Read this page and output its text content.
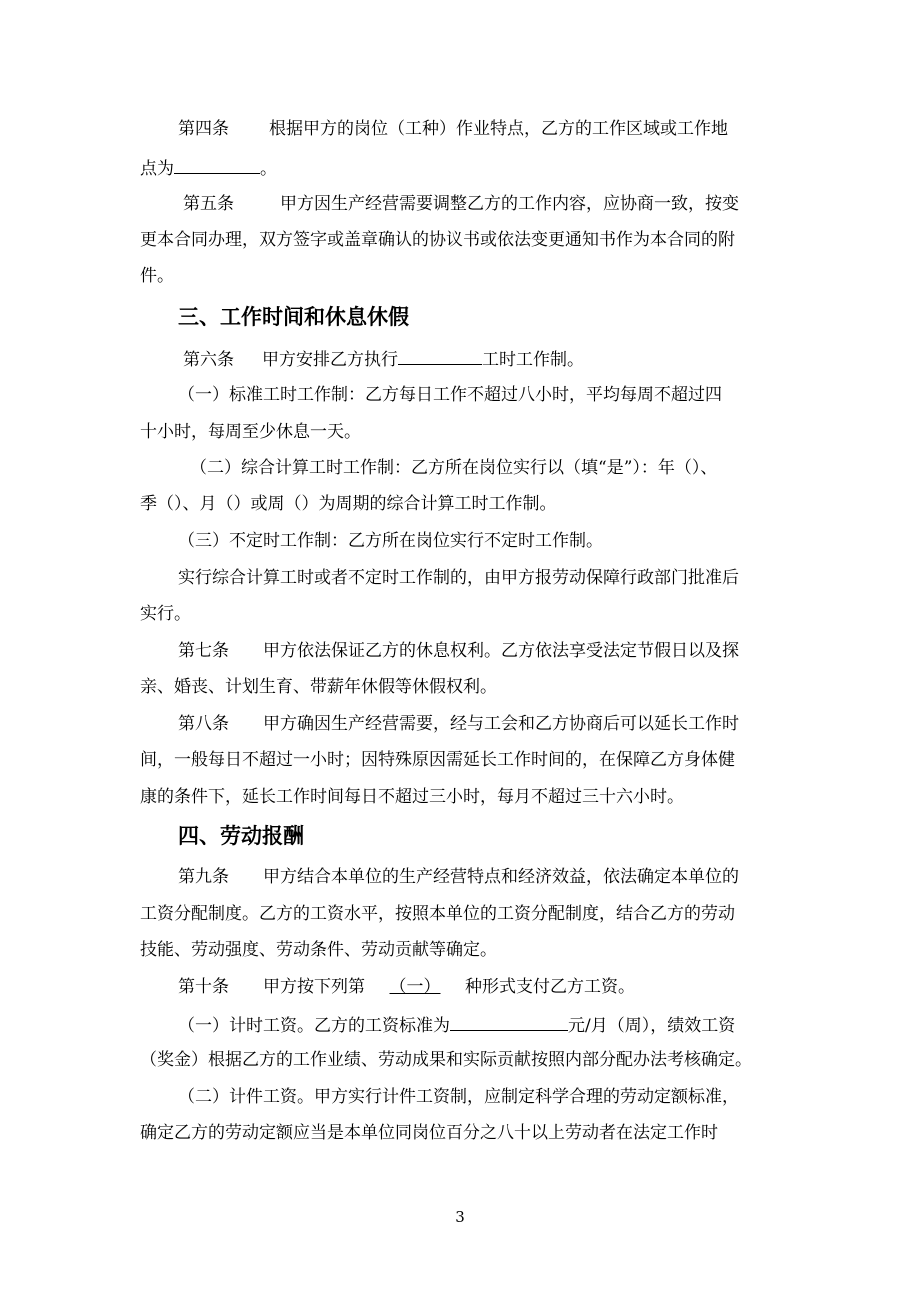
第四条 根据甲方的岗位（工种）作业特点，乙方的工作区域或工作地
点为	。
第五条	甲方因生产经营需要调整乙方的工作内容，应协商一致，按变
更本合同办理，双方签字或盖章确认的协议书或依法变更通知书作为本合同的附
件。
三、工作时间和休息休假
第六条 甲方安排乙方执行	工时工作制。
（一）标准工时工作制：乙方每日工作不超过八小时，平均每周不超过四
十小时，每周至少休息一天。
（二）综合计算工时工作制：乙方所在岗位实行以（填“是”）：年（）、
季（）、月（）或周（）为周期的综合计算工时工作制。
（三）不定时工作制：乙方所在岗位实行不定时工作制。
实行综合计算工时或者不定时工作制的，由甲方报劳动保障行政部门批准后
实行。
第七条 甲方依法保证乙方的休息权利。乙方依法享受法定节假日以及探
亲、婚丧、计划生育、带薪年休假等休假权利。
第八条 甲方确因生产经营需要，经与工会和乙方协商后可以延长工作时
间，一般每日不超过一小时；因特殊原因需延长工作时间的，在保障乙方身体健
康的条件下，延长工作时间每日不超过三小时，每月不超过三十六小时。
四、劳动报酬
第九条 甲方结合本单位的生产经营特点和经济效益，依法确定本单位的
工资分配制度。乙方的工资水平，按照本单位的工资分配制度，结合乙方的劳动
技能、劳动强度、劳动条件、劳动贡献等确定。
第十条 甲方按下列第 （一） 种形式支付乙方工资。
（一）计时工资。乙方的工资标准为	元/月（周），绩效工资
（奖金）根据乙方的工作业绩、劳动成果和实际贡献按照内部分配办法考核确定。
（二）计件工资。甲方实行计件工资制，应制定科学合理的劳动定额标准，
确定乙方的劳动定额应当是本单位同岗位百分之八十以上劳动者在法定工作时
3
